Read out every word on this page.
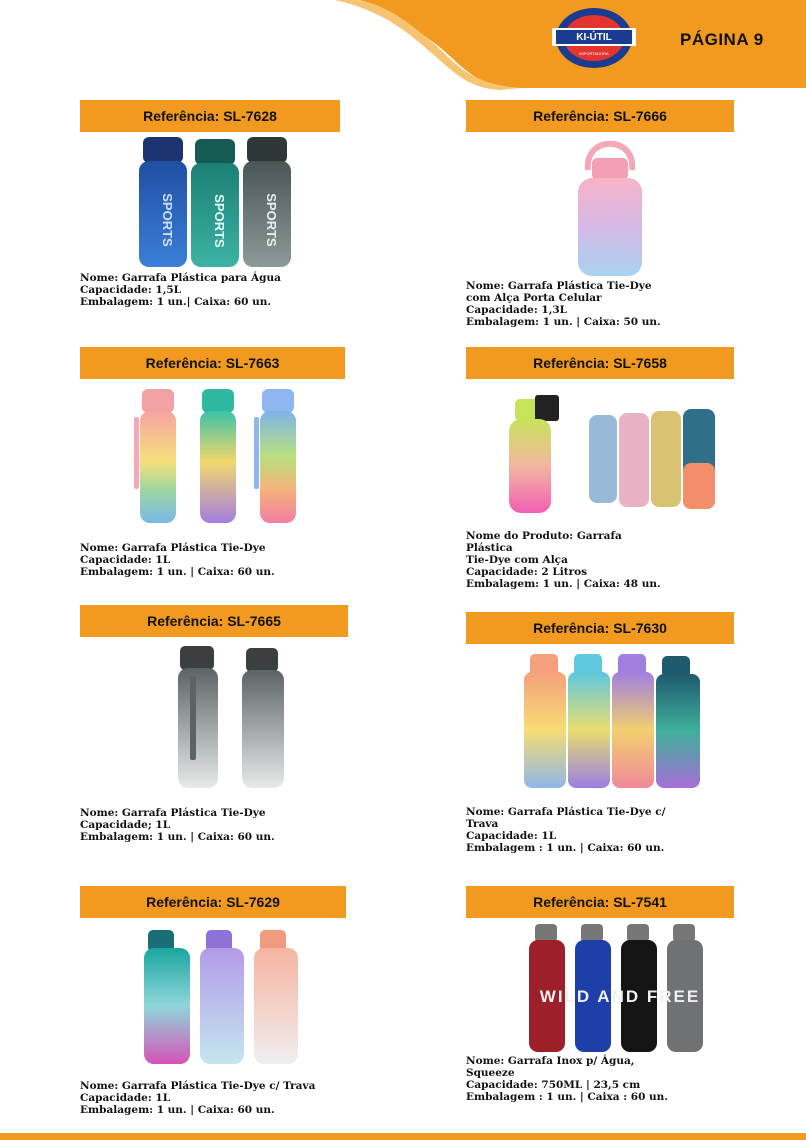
KI-ÚTIL
IMPORTADORA
PÁGINA 9
Referência: SL-7628	Referência: SL-7666
Referência: SL-7663	Referência: SL-7658
Referência: SL-7665	Referência: SL-7630
Referência: SL-7629	Referência: SL-7541
SPORTS	SPORTS	SPORTS
Nome: Garrafa Plástica para Água
Capacidade: 1,5L
Embalagem: 1 un.| Caixa: 60 un.
Nome: Garrafa Plástica Tie-Dye
com Alça Porta Celular
Capacidade: 1,3L
Embalagem: 1 un. | Caixa: 50 un.
Nome: Garrafa Plástica Tie-Dye
Capacidade: 1L
Embalagem: 1 un. | Caixa: 60 un.
Nome do Produto: Garrafa
Plástica
Tie-Dye com Alça
Capacidade: 2 Litros
Embalagem: 1 un. | Caixa: 48 un.
Nome: Garrafa Plástica Tie-Dye
Capacidade; 1L
Embalagem: 1 un. | Caixa: 60 un.
Nome: Garrafa Plástica Tie-Dye c/
Trava
Capacidade: 1L
Embalagem : 1 un. | Caixa: 60 un.
Nome: Garrafa Plástica Tie-Dye c/ Trava
Capacidade: 1L
Embalagem: 1 un. | Caixa: 60 un.
WILD AND FREE
Nome: Garrafa Inox p/ Água,
Squeeze
Capacidade: 750ML | 23,5 cm
Embalagem : 1 un. | Caixa : 60 un.
